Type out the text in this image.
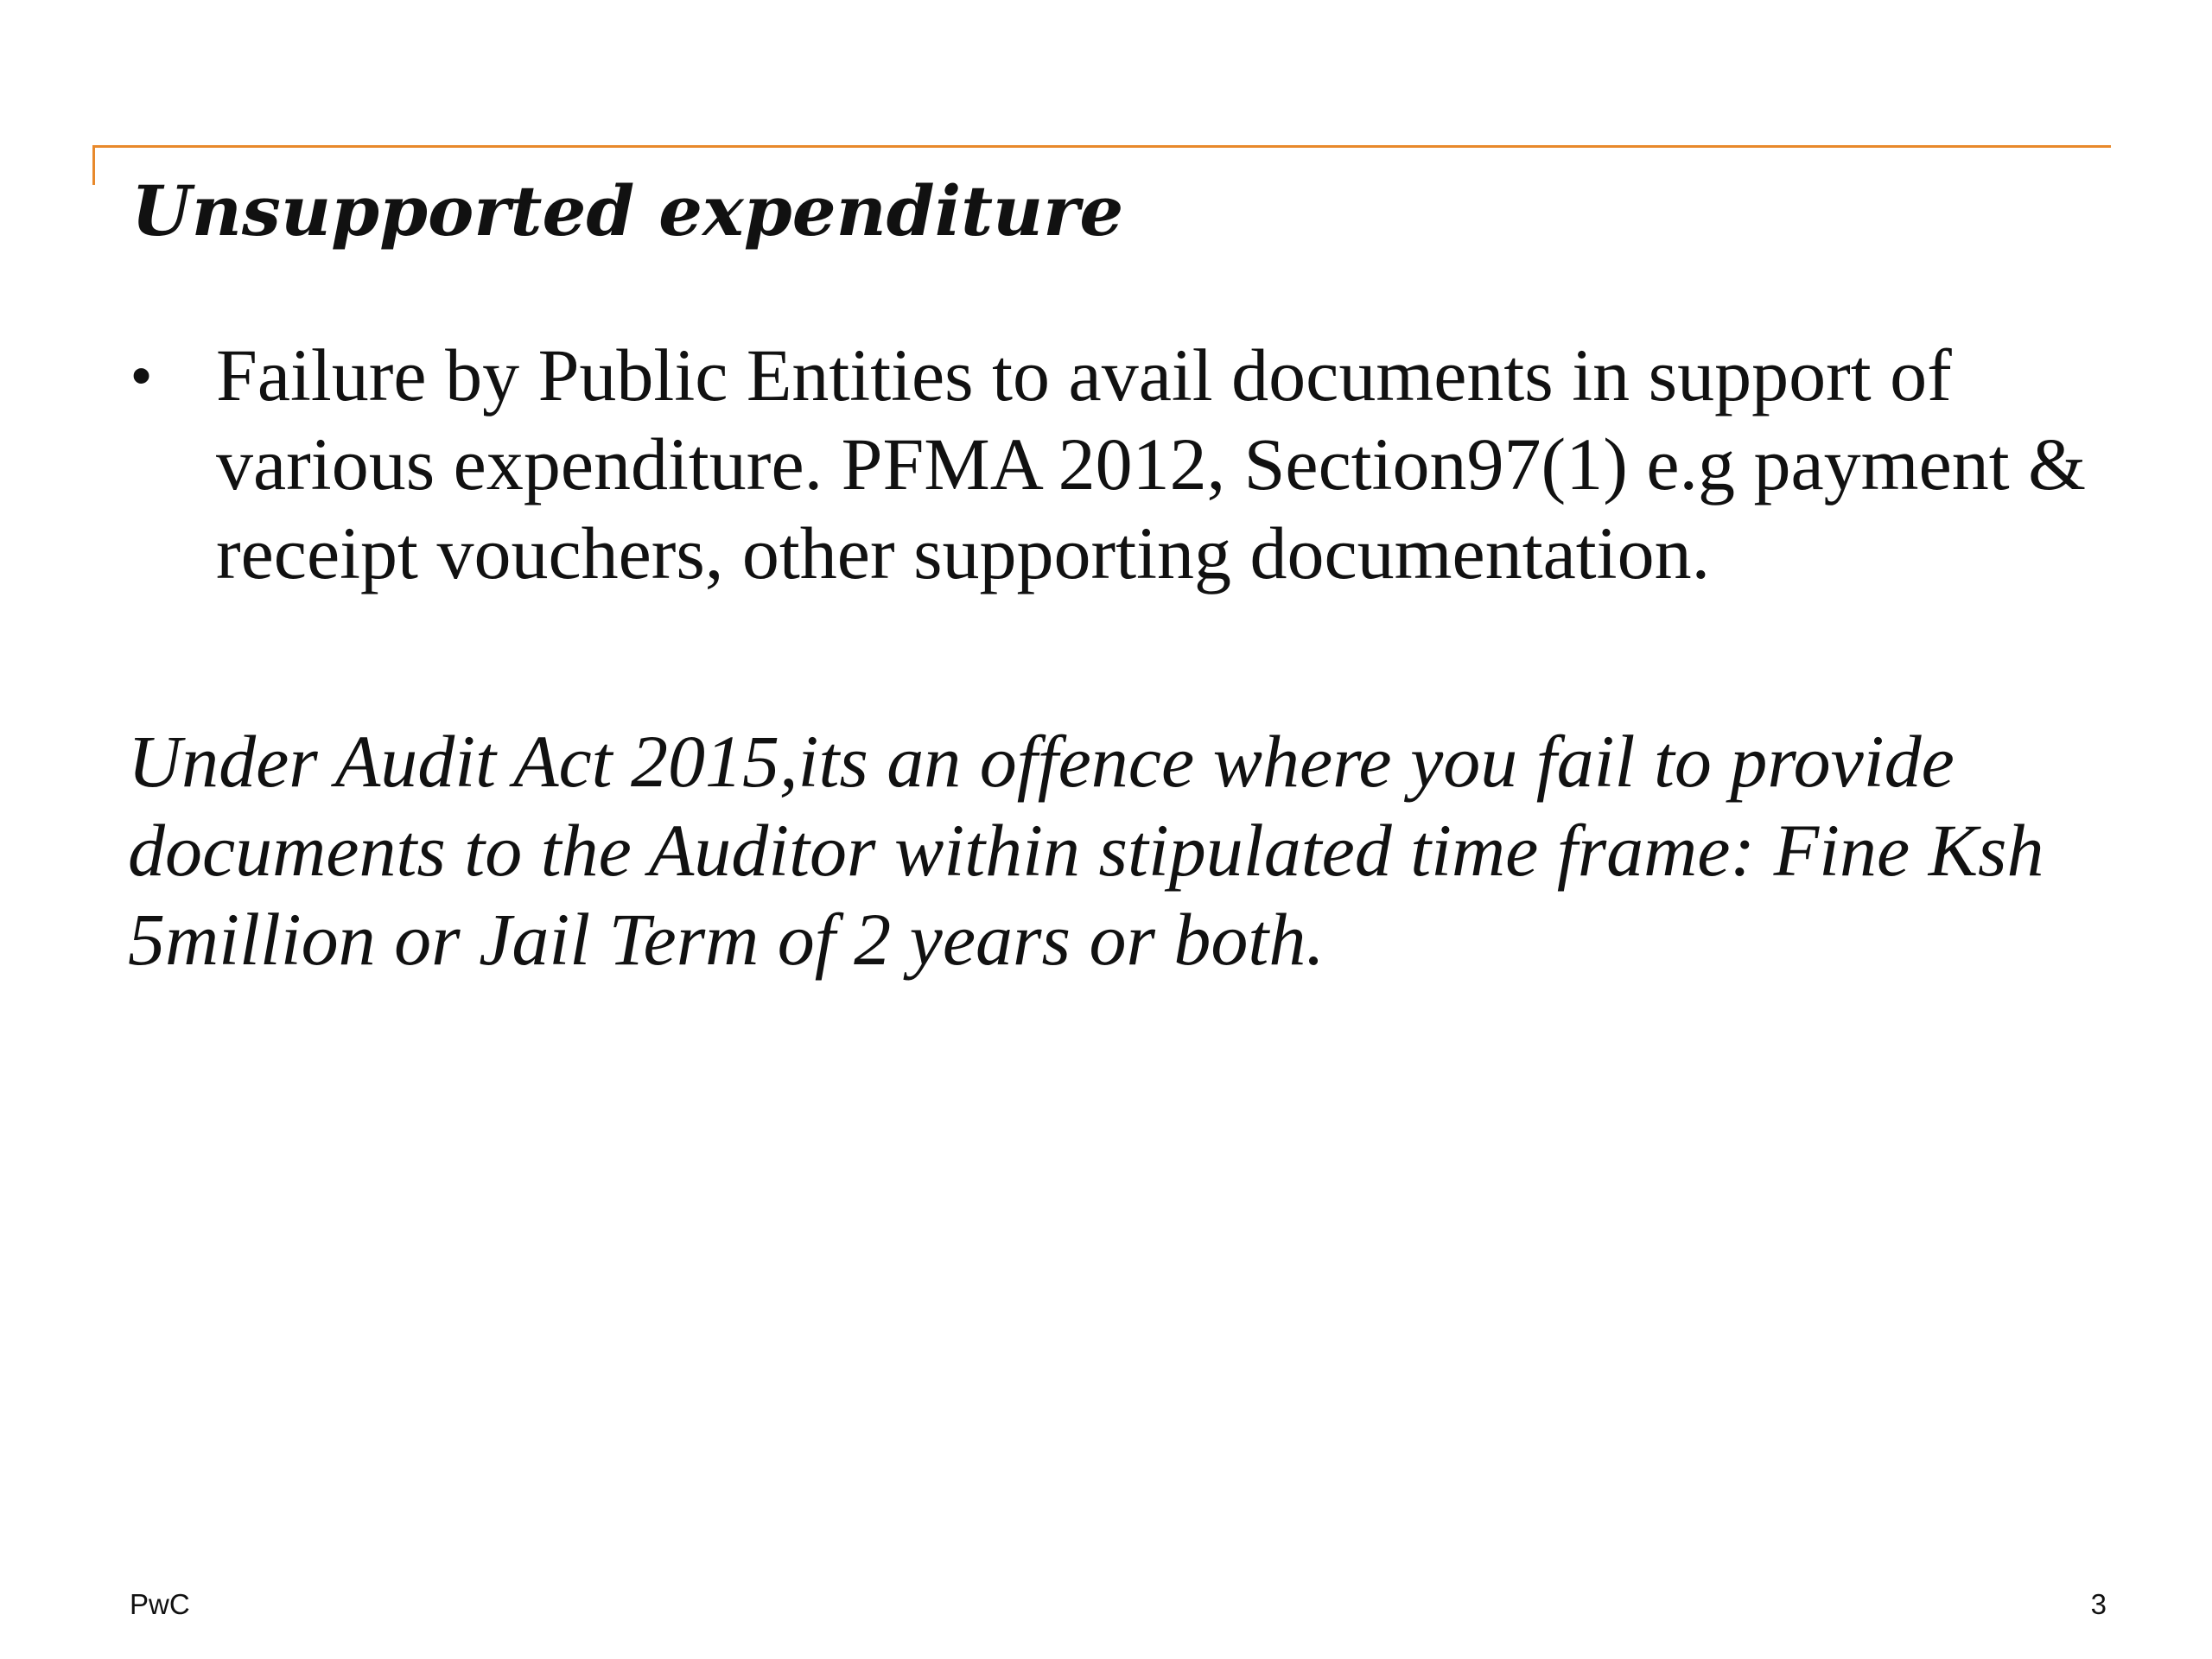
Unsupported expenditure
• Failure by Public Entities to avail documents in support of various expenditure. PFMA 2012, Section97(1) e.g payment & receipt vouchers, other supporting documentation.

Under Audit Act 2015,its an offence where you fail to provide documents to the Auditor within stipulated time frame: Fine Ksh 5million or Jail Term of 2 years or both.

PwC	3
